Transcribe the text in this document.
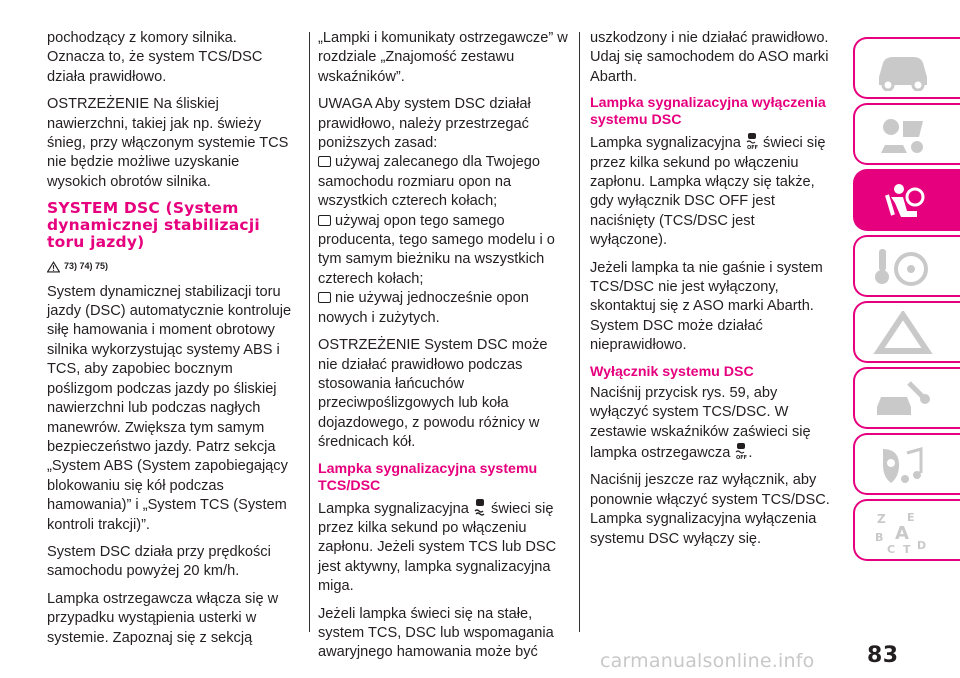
pochodzący z komory silnika. Oznacza to, że system TCS/DSC działa prawidłowo.

OSTRZEŻENIE Na śliskiej nawierzchni, takiej jak np. świeży śnieg, przy włączonym systemie TCS nie będzie możliwe uzyskanie wysokich obrotów silnika.

SYSTEM DSC (System dynamicznej stabilizacji toru jazdy)
73) 74) 75)

System dynamicznej stabilizacji toru jazdy (DSC) automatycznie kontroluje siłę hamowania i moment obrotowy silnika wykorzystując systemy ABS i TCS, aby zapobiec bocznym poślizgom podczas jazdy po śliskiej nawierzchni lub podczas nagłych manewrów. Zwiększa tym samym bezpieczeństwo jazdy. Patrz sekcja „System ABS (System zapobiegający blokowaniu się kół podczas hamowania)” i „System TCS (System kontroli trakcji)”.

System DSC działa przy prędkości samochodu powyżej 20 km/h.

Lampka ostrzegawcza włącza się w przypadku wystąpienia usterki w systemie. Zapoznaj się z sekcją

„Lampki i komunikaty ostrzegawcze” w rozdziale „Znajomość zestawu wskaźników”.

UWAGA Aby system DSC działał prawidłowo, należy przestrzegać poniższych zasad:

używaj zalecanego dla Twojego samochodu rozmiaru opon na wszystkich czterech kołach;
używaj opon tego samego producenta, tego samego modelu i o tym samym bieżniku na wszystkich czterech kołach;
nie używaj jednocześnie opon nowych i zużytych.

OSTRZEŻENIE System DSC może nie działać prawidłowo podczas stosowania łańcuchów przeciwpoślizgowych lub koła dojazdowego, z powodu różnicy w średnicach kół.

Lampka sygnalizacyjna systemu TCS/DSC

Lampka sygnalizacyjna świeci się przez kilka sekund po włączeniu zapłonu. Jeżeli system TCS lub DSC jest aktywny, lampka sygnalizacyjna miga.

Jeżeli lampka świeci się na stałe, system TCS, DSC lub wspomagania awaryjnego hamowania może być

uszkodzony i nie działać prawidłowo. Udaj się samochodem do ASO marki Abarth.

Lampka sygnalizacyjna wyłączenia systemu DSC

Lampka sygnalizacyjna OFF świeci się przez kilka sekund po włączeniu zapłonu. Lampka włączy się także, gdy wyłącznik DSC OFF jest naciśnięty (TCS/DSC jest wyłączone).

Jeżeli lampka ta nie gaśnie i system TCS/DSC nie jest wyłączony, skontaktuj się z ASO marki Abarth. System DSC może działać nieprawidłowo.

Wyłącznik systemu DSC

Naciśnij przycisk rys. 59, aby wyłączyć system TCS/DSC. W zestawie wskaźników zaświeci się lampka ostrzegawcza OFF .

Naciśnij jeszcze raz wyłącznik, aby ponownie włączyć system TCS/DSC. Lampka sygnalizacyjna wyłączenia systemu DSC wyłączy się.

Z E
B A
C T D
83
carmanualsonline.info
